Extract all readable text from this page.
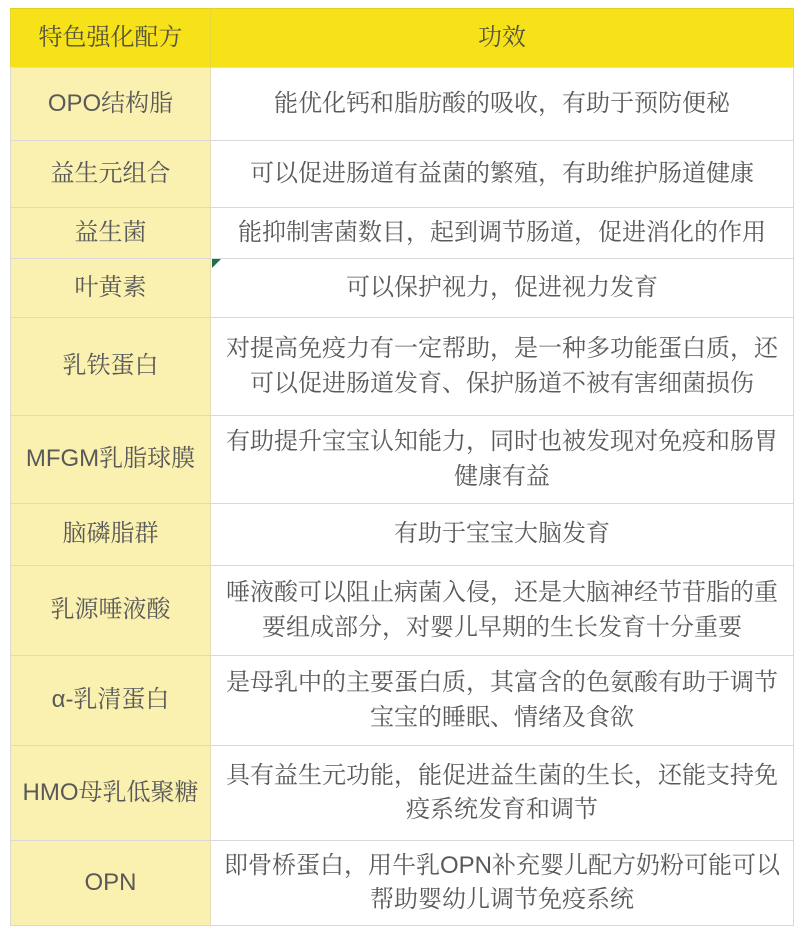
特色强化配方	功效
OPO结构脂	能优化钙和脂肪酸的吸收，有助于预防便秘
益生元组合	可以促进肠道有益菌的繁殖，有助维护肠道健康
益生菌	能抑制害菌数目，起到调节肠道，促进消化的作用
叶黄素	可以保护视力，促进视力发育
乳铁蛋白	对提高免疫力有一定帮助，是一种多功能蛋白质，还可以促进肠道发育、保护肠道不被有害细菌损伤
MFGM乳脂球膜	有助提升宝宝认知能力，同时也被发现对免疫和肠胃健康有益
脑磷脂群	有助于宝宝大脑发育
乳源唾液酸	唾液酸可以阻止病菌入侵，还是大脑神经节苷脂的重要组成部分，对婴儿早期的生长发育十分重要
α-乳清蛋白	是母乳中的主要蛋白质，其富含的色氨酸有助于调节宝宝的睡眠、情绪及食欲
HMO母乳低聚糖	具有益生元功能，能促进益生菌的生长，还能支持免疫系统发育和调节
OPN	即骨桥蛋白，用牛乳OPN补充婴儿配方奶粉可能可以帮助婴幼儿调节免疫系统
